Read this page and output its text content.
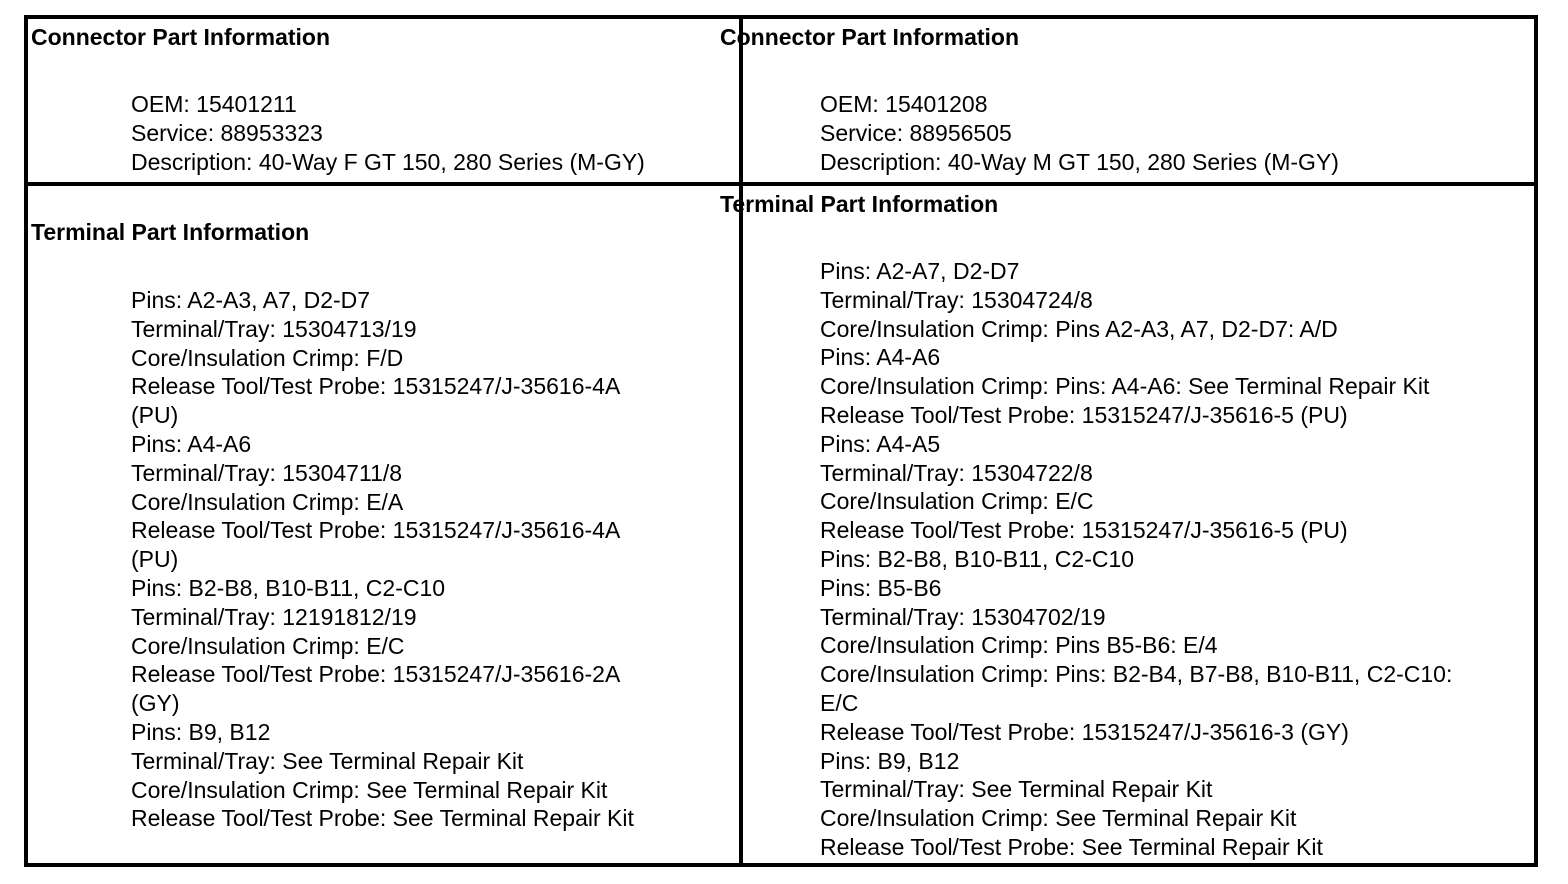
Connector Part Information
OEM: 15401211
Service: 88953323
Description: 40-Way F GT 150, 280 Series (M-GY)
Connector Part Information
OEM: 15401208
Service: 88956505
Description: 40-Way M GT 150, 280 Series (M-GY)
Terminal Part Information
Pins: A2-A3, A7, D2-D7
Terminal/Tray: 15304713/19
Core/Insulation Crimp: F/D
Release Tool/Test Probe: 15315247/J-35616-4A
(PU)
Pins: A4-A6
Terminal/Tray: 15304711/8
Core/Insulation Crimp: E/A
Release Tool/Test Probe: 15315247/J-35616-4A
(PU)
Pins: B2-B8, B10-B11, C2-C10
Terminal/Tray: 12191812/19
Core/Insulation Crimp: E/C
Release Tool/Test Probe: 15315247/J-35616-2A
(GY)
Pins: B9, B12
Terminal/Tray: See Terminal Repair Kit
Core/Insulation Crimp: See Terminal Repair Kit
Release Tool/Test Probe: See Terminal Repair Kit
Terminal Part Information
Pins: A2-A7, D2-D7
Terminal/Tray: 15304724/8
Core/Insulation Crimp: Pins A2-A3, A7, D2-D7: A/D
Pins: A4-A6
Core/Insulation Crimp: Pins: A4-A6: See Terminal Repair Kit
Release Tool/Test Probe: 15315247/J-35616-5 (PU)
Pins: A4-A5
Terminal/Tray: 15304722/8
Core/Insulation Crimp: E/C
Release Tool/Test Probe: 15315247/J-35616-5 (PU)
Pins: B2-B8, B10-B11, C2-C10
Pins: B5-B6
Terminal/Tray: 15304702/19
Core/Insulation Crimp: Pins B5-B6: E/4
Core/Insulation Crimp: Pins: B2-B4, B7-B8, B10-B11, C2-C10:
E/C
Release Tool/Test Probe: 15315247/J-35616-3 (GY)
Pins: B9, B12
Terminal/Tray: See Terminal Repair Kit
Core/Insulation Crimp: See Terminal Repair Kit
Release Tool/Test Probe: See Terminal Repair Kit
